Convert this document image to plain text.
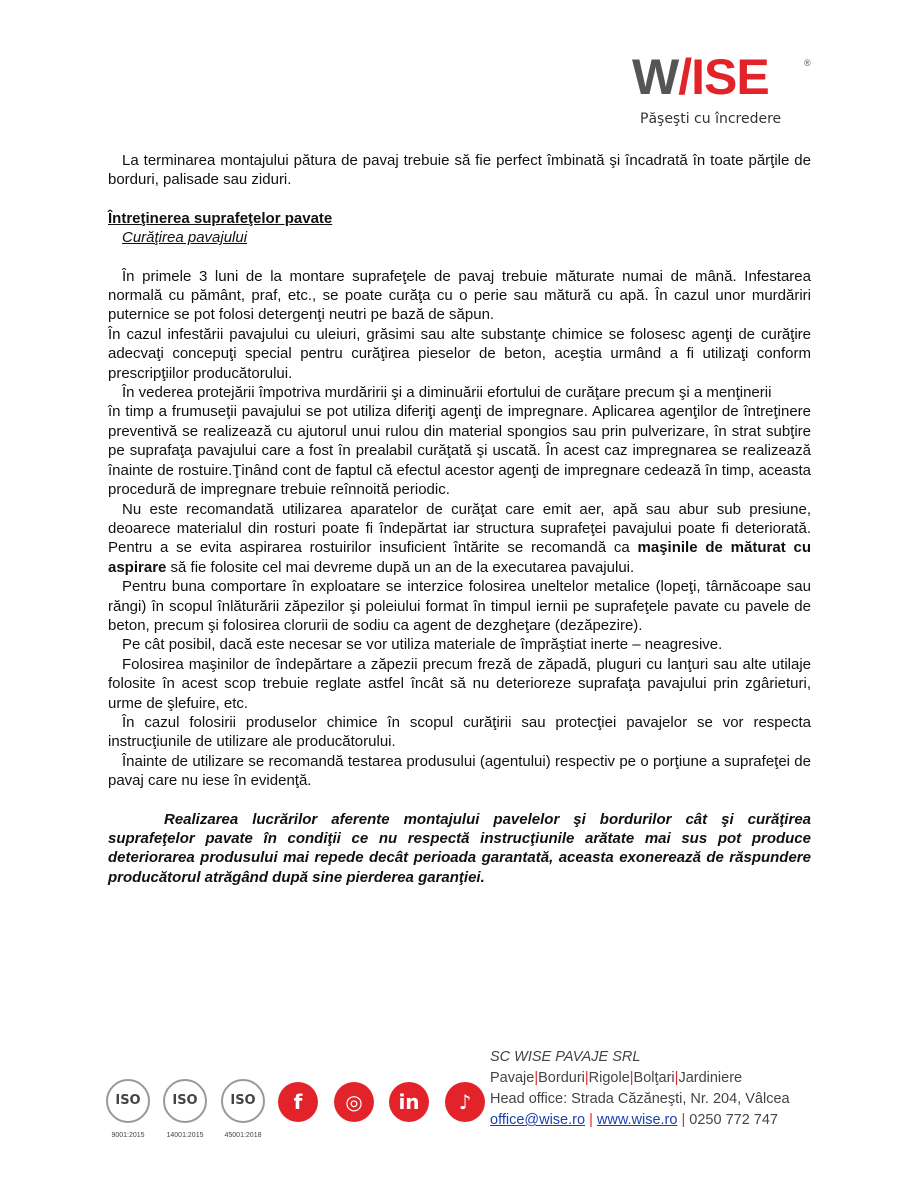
W/ISE	®
Păşeşti cu încredere

La terminarea montajului pătura de pavaj trebuie să fie perfect îmbinată şi încadrată în toate părţile de borduri, palisade sau ziduri.

Întreţinerea suprafeţelor pavate

Curăţirea pavajului

În primele 3 luni de la montare suprafeţele de pavaj trebuie măturate numai de mână. Infestarea normală cu pământ, praf, etc., se poate curăţa cu o perie sau mătură cu apă. În cazul unor murdăriri puternice se pot folosi detergenţi neutri pe bază de săpun.

În cazul infestării pavajului cu uleiuri, grăsimi sau alte substanţe chimice se folosesc agenţi de curăţire adecvaţi concepuţi special pentru curăţirea pieselor de beton, aceştia urmând a fi utilizaţi conform prescripţiilor producătorului.

În vederea protejării împotriva murdăririi şi a diminuării efortului de curăţare precum şi a menţinerii

în timp a frumuseţii pavajului se pot utiliza diferiţi agenţi de impregnare. Aplicarea agenţilor de întreţinere preventivă se realizează cu ajutorul unui rulou din material spongios sau prin pulverizare, în strat subţire pe suprafaţa pavajului care a fost în prealabil curăţată şi uscată. În acest caz impregnarea se realizează înainte de rostuire.Ţinând cont de faptul că efectul acestor agenţi de impregnare cedează în timp, aceasta procedură de impregnare trebuie reînnoită periodic.

Nu este recomandată utilizarea aparatelor de curăţat care emit aer, apă sau abur sub presiune, deoarece materialul din rosturi poate fi îndepărtat iar structura suprafeţei pavajului poate fi deteriorată. Pentru a se evita aspirarea rostuirilor insuficient întărite se recomandă ca maşinile de măturat cu aspirare să fie folosite cel mai devreme după un an de la executarea pavajului.

Pentru buna comportare în exploatare se interzice folosirea uneltelor metalice (lopeţi, târnăcoape sau răngi) în scopul înlăturării zăpezilor şi poleiului format în timpul iernii pe suprafeţele pavate cu pavele de beton, precum şi folosirea clorurii de sodiu ca agent de dezgheţare (dezăpezire).

Pe cât posibil, dacă este necesar se vor utiliza materiale de împrăştiat inerte – neagresive.

Folosirea maşinilor de îndepărtare a zăpezii precum freză de zăpadă, pluguri cu lanţuri sau alte utilaje folosite în acest scop trebuie reglate astfel încât să nu deterioreze suprafaţa pavajului prin zgârieturi, urme de şlefuire, etc.

În cazul folosirii produselor chimice în scopul curăţirii sau protecţiei pavajelor se vor respecta instrucţiunile de utilizare ale producătorului.

Înainte de utilizare se recomandă testarea produsului (agentului) respectiv pe o porţiune a suprafeţei de pavaj care nu iese în evidenţă.

Realizarea lucrărilor aferente montajului pavelelor şi bordurilor cât şi curăţirea suprafeţelor pavate în condiţii ce nu respectă instrucţiunile arătate mai sus pot produce deteriorarea produsului mai repede decât perioada garantată, aceasta exonerează de răspundere producătorul atrăgând după sine pierderea garanţiei.

ISO
9001:2015
ISO
14001:2015
ISO
45001:2018
f	◎	in	♪
SC WISE PAVAJE SRL
Pavaje|Borduri|Rigole|Bolţari|Jardiniere
Head office: Strada Căzăneşti, Nr. 204, Vâlcea
office@wise.ro | www.wise.ro | 0250 772 747
